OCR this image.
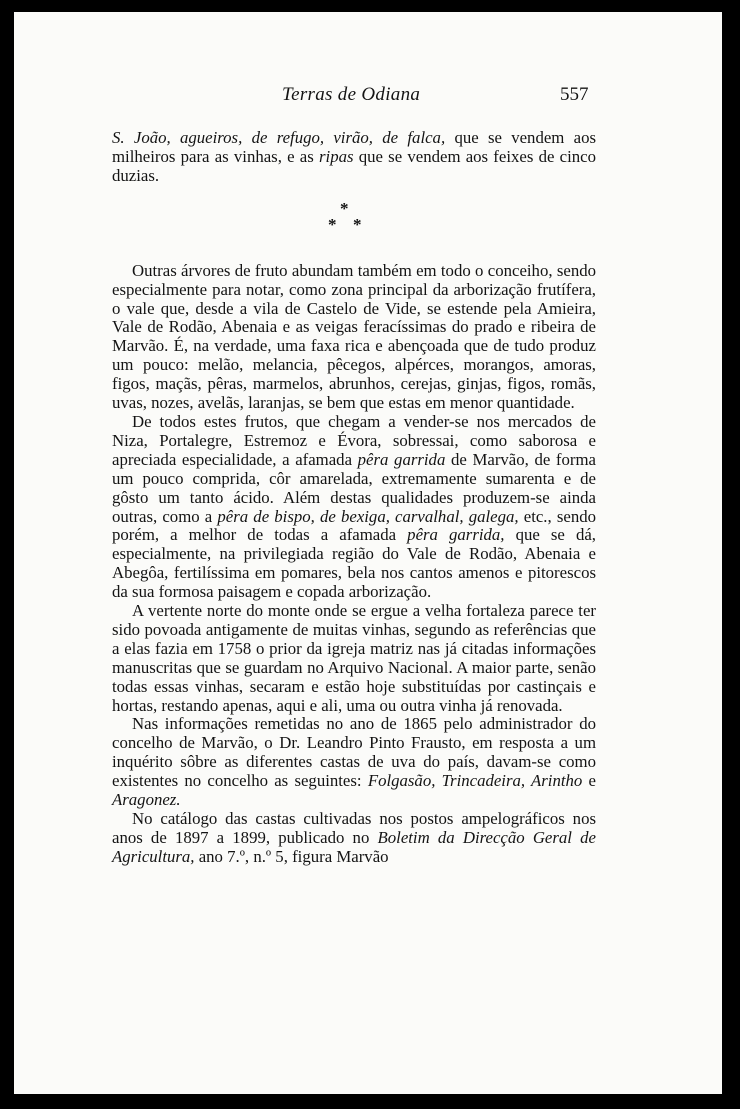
Terras de Odiana	557

S. João, agueiros, de refugo, virão, de falca, que se vendem aos milheiros para as vinhas, e as ripas que se vendem aos feixes de cinco duzias.

*
* *

Outras árvores de fruto abundam também em todo o conceiho, sendo especialmente para notar, como zona principal da arborização frutífera, o vale que, desde a vila de Castelo de Vide, se estende pela Amieira, Vale de Rodão, Abenaia e as veigas feracíssimas do prado e ribeira de Marvão. É, na verdade, uma faxa rica e abençoada que de tudo produz um pouco: melão, melancia, pêcegos, alpérces, morangos, amoras, figos, maçãs, pêras, marmelos, abrunhos, cerejas, ginjas, figos, romãs, uvas, nozes, avelãs, laranjas, se bem que estas em menor quantidade.

De todos estes frutos, que chegam a vender-se nos mercados de Niza, Portalegre, Estremoz e Évora, sobressai, como saborosa e apreciada especialidade, a afamada pêra garrida de Marvão, de forma um pouco comprida, côr amarelada, extremamente sumarenta e de gôsto um tanto ácido. Além destas qualidades produzem-se ainda outras, como a pêra de bispo, de bexiga, carvalhal, galega, etc., sendo porém, a melhor de todas a afamada pêra garrida, que se dá, especialmente, na privilegiada região do Vale de Rodão, Abenaia e Abegôa, fertilíssima em pomares, bela nos cantos amenos e pitorescos da sua formosa paisagem e copada arborização.

A vertente norte do monte onde se ergue a velha fortaleza parece ter sido povoada antigamente de muitas vinhas, segundo as referências que a elas fazia em 1758 o prior da igreja matriz nas já citadas informações manuscritas que se guardam no Arquivo Nacional. A maior parte, senão todas essas vinhas, secaram e estão hoje substituídas por castinçais e hortas, restando apenas, aqui e ali, uma ou outra vinha já renovada.

Nas informações remetidas no ano de 1865 pelo administrador do concelho de Marvão, o Dr. Leandro Pinto Frausto, em resposta a um inquérito sôbre as diferentes castas de uva do país, davam-se como existentes no concelho as seguintes: Folgasão, Trincadeira, Arintho e Aragonez.

No catálogo das castas cultivadas nos postos ampelográficos nos anos de 1897 a 1899, publicado no Boletim da Direcção Geral de Agricultura, ano 7.º, n.º 5, figura Marvão
